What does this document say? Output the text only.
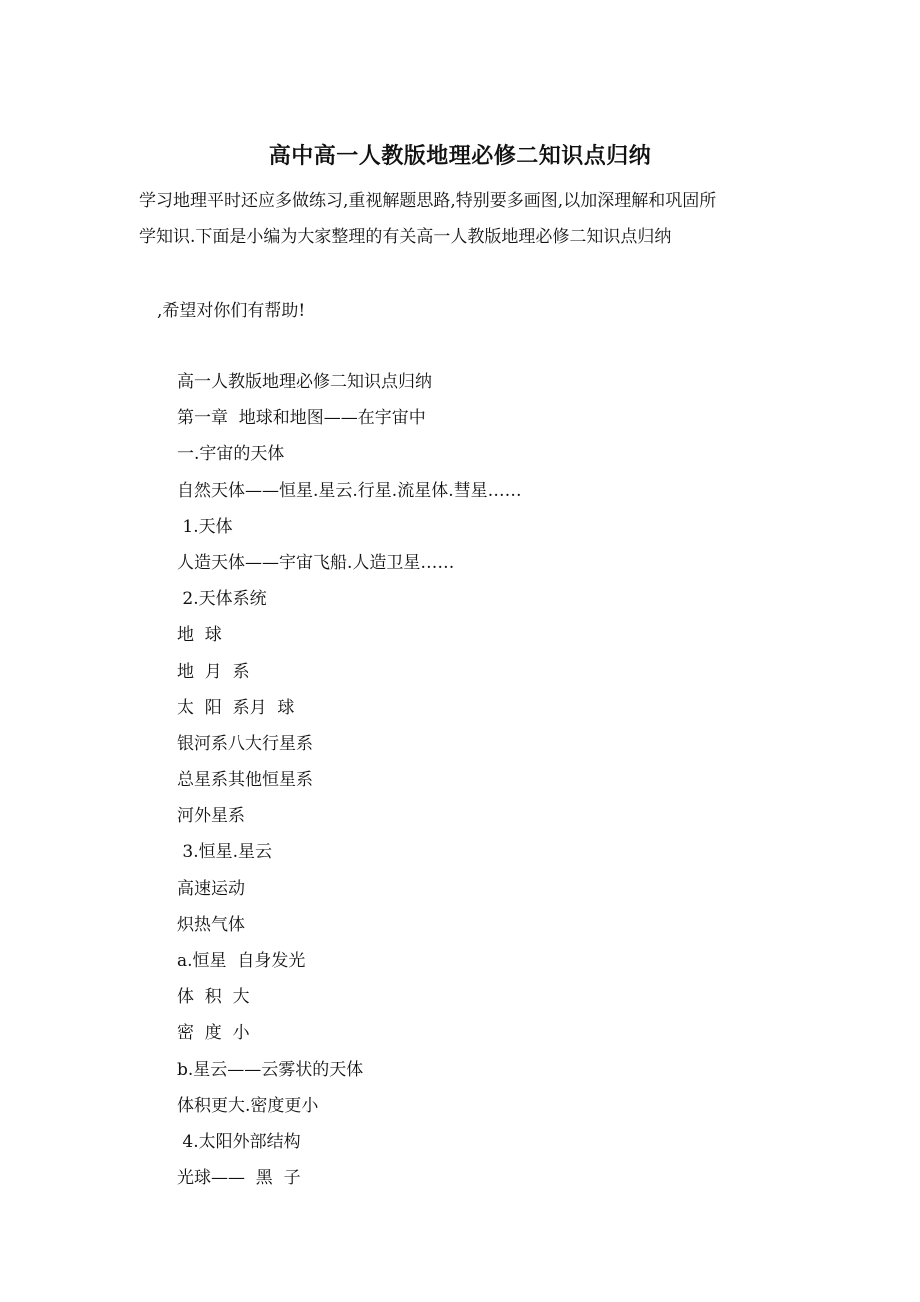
高中高一人教版地理必修二知识点归纳
学习地理平时还应多做练习,重视解题思路,特别要多画图,以加深理解和巩固所
学知识.下面是小编为大家整理的有关高一人教版地理必修二知识点归纳
,希望对你们有帮助!
高一人教版地理必修二知识点归纳
第一章  地球和地图——在宇宙中
一.宇宙的天体
自然天体——恒星.星云.行星.流星体.彗星……
1.天体
人造天体——宇宙飞船.人造卫星……
2.天体系统
地  球
地  月  系
太  阳  系月  球
银河系八大行星系
总星系其他恒星系
河外星系
3.恒星.星云
高速运动
炽热气体
a.恒星  自身发光
体  积  大
密  度  小
b.星云——云雾状的天体
体积更大.密度更小
4.太阳外部结构
光球——  黑  子
